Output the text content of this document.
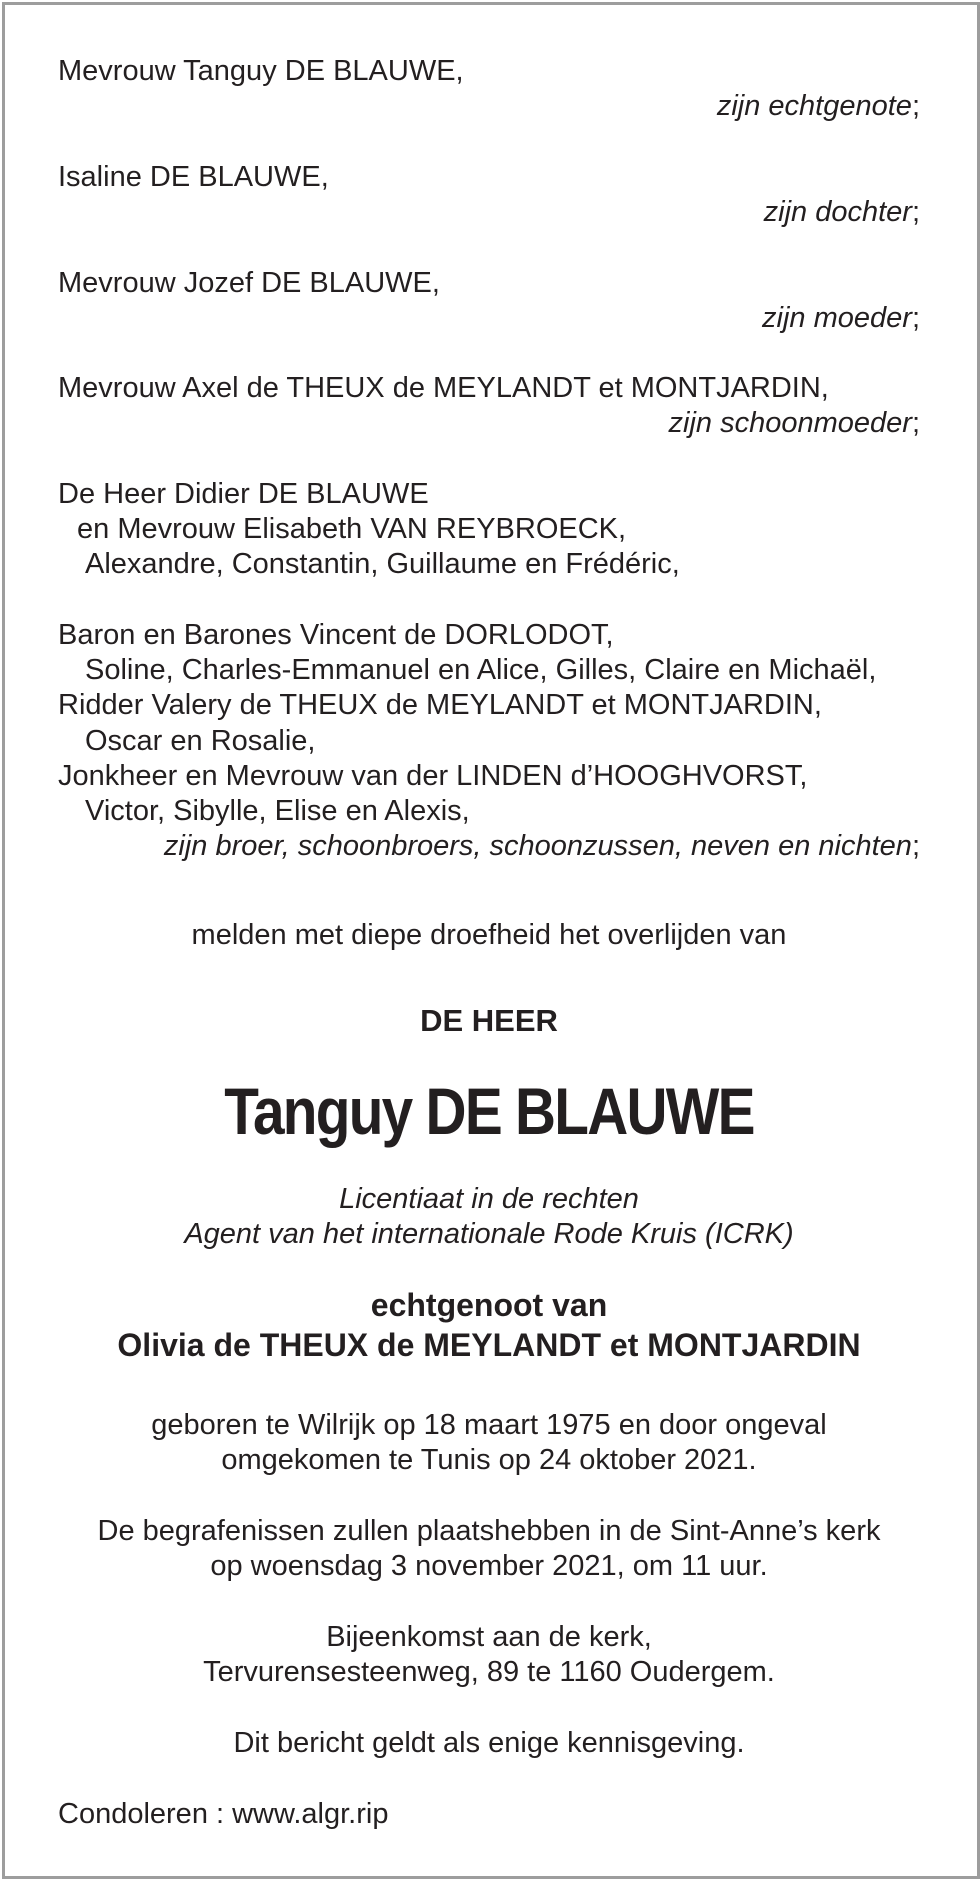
Mevrouw Tanguy DE BLAUWE,
zijn echtgenote;
Isaline DE BLAUWE,
zijn dochter;
Mevrouw Jozef DE BLAUWE,
zijn moeder;
Mevrouw Axel de THEUX de MEYLANDT et MONTJARDIN,
zijn schoonmoeder;
De Heer Didier DE BLAUWE
en Mevrouw Elisabeth VAN REYBROECK,
Alexandre, Constantin, Guillaume en Frédéric,
Baron en Barones Vincent de DORLODOT,
Soline, Charles-Emmanuel en Alice, Gilles, Claire en Michaël,
Ridder Valery de THEUX de MEYLANDT et MONTJARDIN,
Oscar en Rosalie,
Jonkheer en Mevrouw van der LINDEN d’HOOGHVORST,
Victor, Sibylle, Elise en Alexis,
zijn broer, schoonbroers, schoonzussen, neven en nichten;
melden met diepe droefheid het overlijden van
DE HEER
Tanguy DE BLAUWE
Licentiaat in de rechten
Agent van het internationale Rode Kruis (ICRK)
echtgenoot van
Olivia de THEUX de MEYLANDT et MONTJARDIN
geboren te Wilrijk op 18 maart 1975 en door ongeval
omgekomen te Tunis op 24 oktober 2021.
De begrafenissen zullen plaatshebben in de Sint-Anne’s kerk
op woensdag 3 november 2021, om 11 uur.
Bijeenkomst aan de kerk,
Tervurensesteenweg, 89 te 1160 Oudergem.
Dit bericht geldt als enige kennisgeving.
Condoleren : www.algr.rip
